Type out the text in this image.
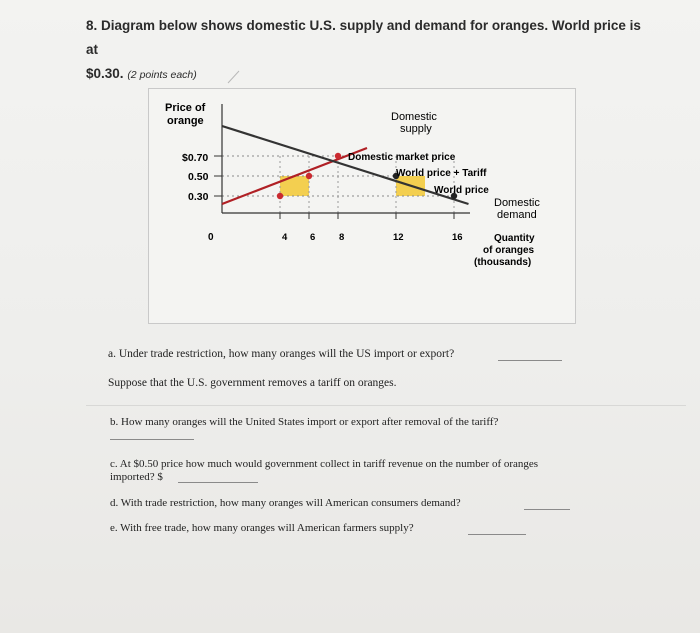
8. Diagram below shows domestic U.S. supply and demand for oranges. World price is at
$0.30. (2 points each)
Price of
orange
$0.70
0.50
0.30
0	4 6 8	12	16	Quantity
of oranges
(thousands)
Domestic
supply
Domestic
demand
Domestic market price
World price + Tariff
World price
a. Under trade restriction, how many oranges will the US import or export?
Suppose that the U.S. government removes a tariff on oranges.
b. How many oranges will the United States import or export after removal of the tariff?
c. At $0.50 price how much would government collect in tariff revenue on the number of oranges
imported? $
d. With trade restriction, how many oranges will American consumers demand?
e. With free trade, how many oranges will American farmers supply?
